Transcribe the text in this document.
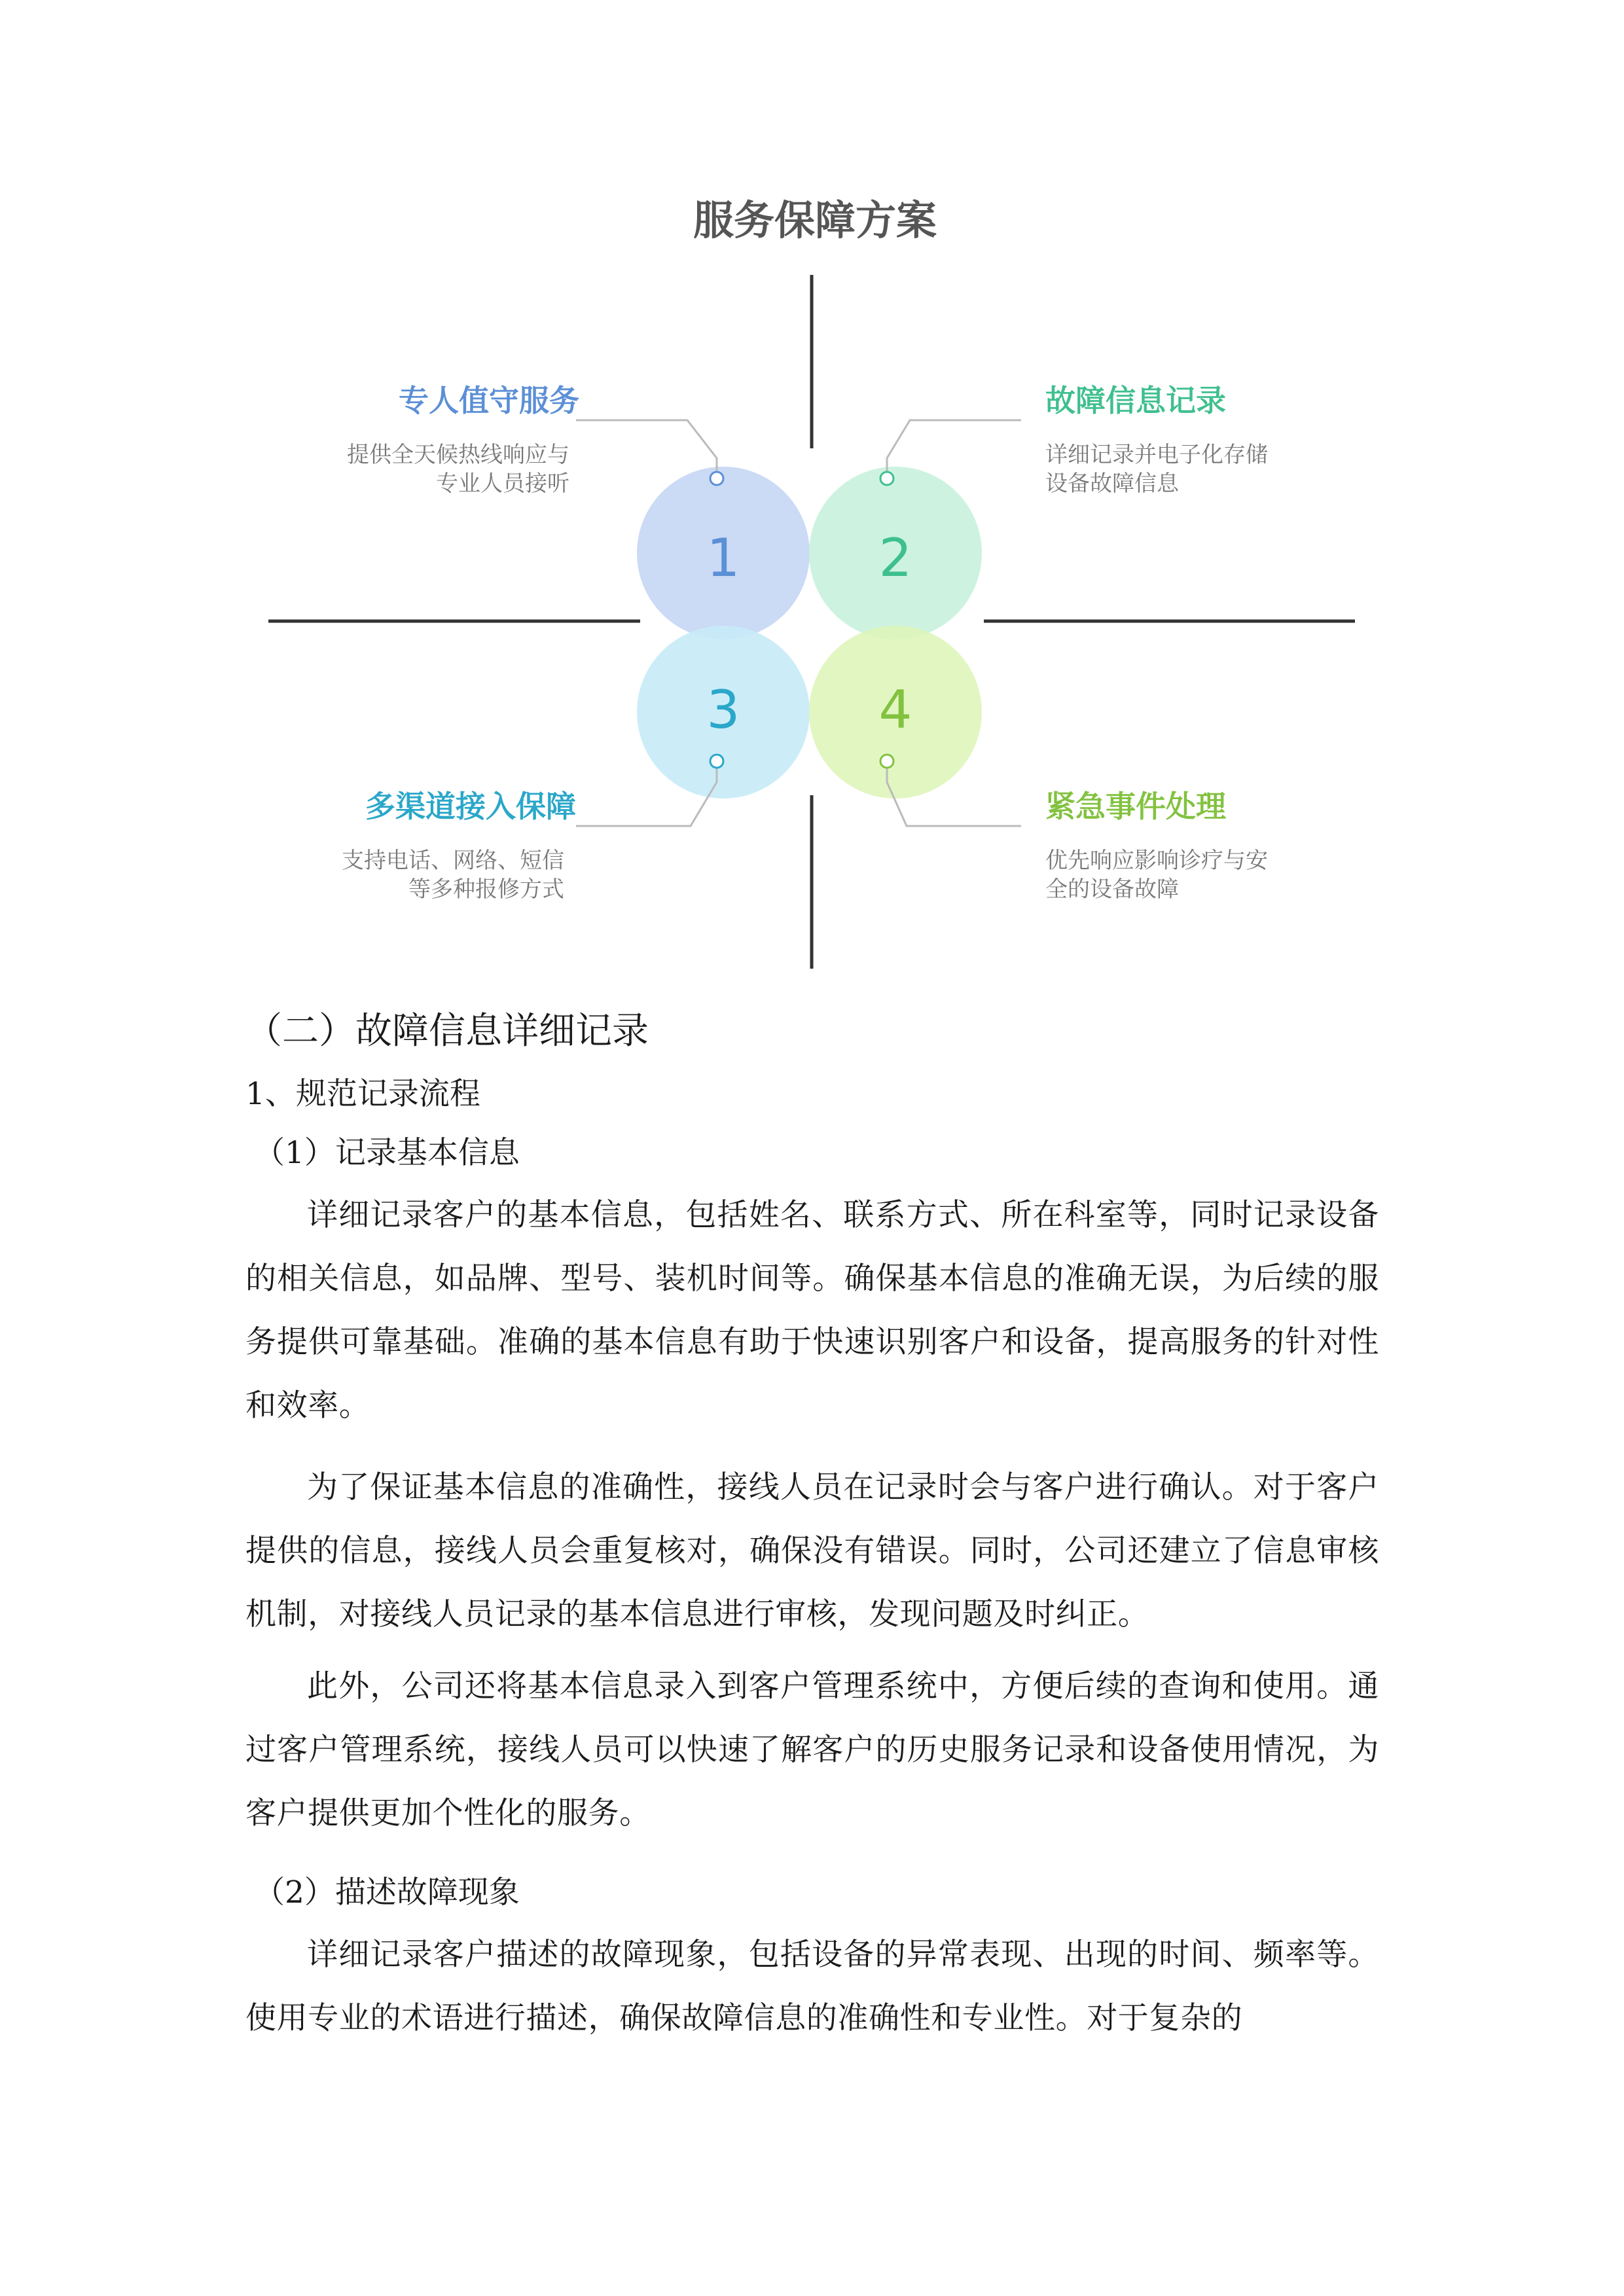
服务保障方案
1	2
3	4
专人值守服务
提供全天候热线响应与
专业人员接听
故障信息记录
详细记录并电子化存储
设备故障信息
多渠道接入保障
支持电话、网络、短信
等多种报修方式
紧急事件处理
优先响应影响诊疗与安
全的设备故障
（二）故障信息详细记录
1、规范记录流程
（1）记录基本信息

详细记录客户的基本信息，包括姓名、联系方式、所在科室等，同时记录设备的相关信息，如品牌、型号、装机时间等。确保基本信息的准确无误，为后续的服务提供可靠基础。准确的基本信息有助于快速识别客户和设备，提高服务的针对性和效率。

为了保证基本信息的准确性，接线人员在记录时会与客户进行确认。对于客户提供的信息，接线人员会重复核对，确保没有错误。同时，公司还建立了信息审核机制，对接线人员记录的基本信息进行审核，发现问题及时纠正。

此外，公司还将基本信息录入到客户管理系统中，方便后续的查询和使用。通过客户管理系统，接线人员可以快速了解客户的历史服务记录和设备使用情况，为客户提供更加个性化的服务。

（2）描述故障现象

详细记录客户描述的故障现象，包括设备的异常表现、出现的时间、频率等。使用专业的术语进行描述，确保故障信息的准确性和专业性。对于复杂的
